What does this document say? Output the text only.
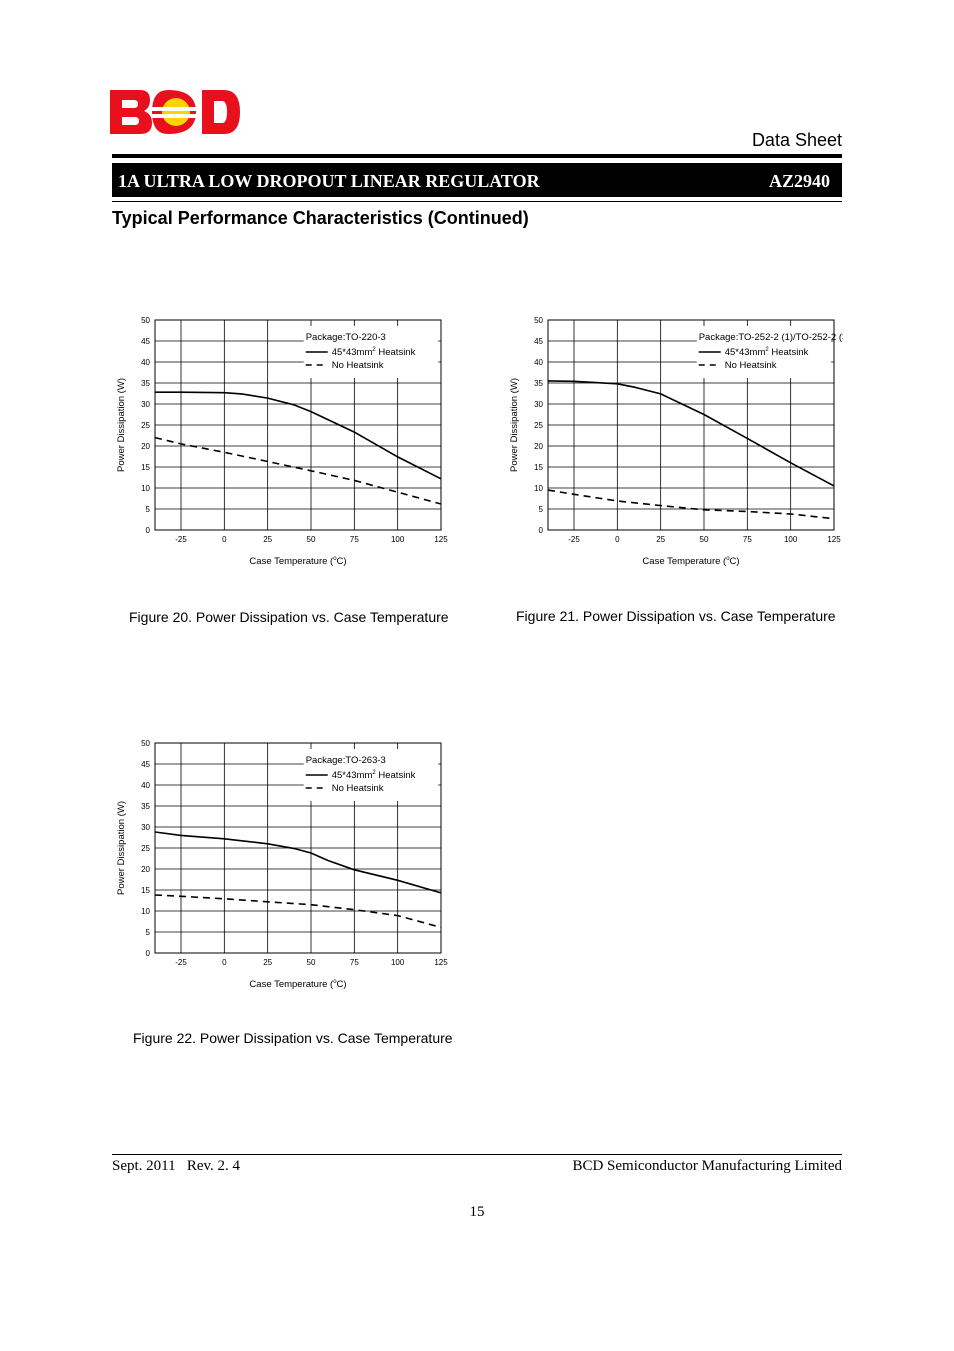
Data Sheet
1A ULTRA LOW DROPOUT LINEAR REGULATOR	AZ2940
Typical Performance Characteristics (Continued)
0
5
10
15
20
25
30
35
40
45
50
-25	0	25	50	75	100	125
Package:TO-220-3
$45*43mm^2$ Heatsink
No Heatsink
Case Temperature ($^o$C)
Power Dissipation (W)
0
5
10
15
20
25
30
35
40
45
50
-25	0	25	50	75	100	125
Package:TO-252-2 (1)/TO-252-2 (3)
$45*43mm^2$ Heatsink
No Heatsink
Case Temperature ($^o$C)
Power Dissipation (W)
0
5
10
15
20
25
30
35
40
45
50
-25	0	25	50	75	100	125
Package:TO-263-3
$45*43mm^2$ Heatsink
No Heatsink
Case Temperature ($^o$C)
Power Dissipation (W)
Figure 20. Power Dissipation vs. Case Temperature	Figure 21. Power Dissipation vs. Case Temperature
Figure 22. Power Dissipation vs. Case Temperature
Sept. 2011   Rev. 2. 4	BCD Semiconductor Manufacturing Limited
15
